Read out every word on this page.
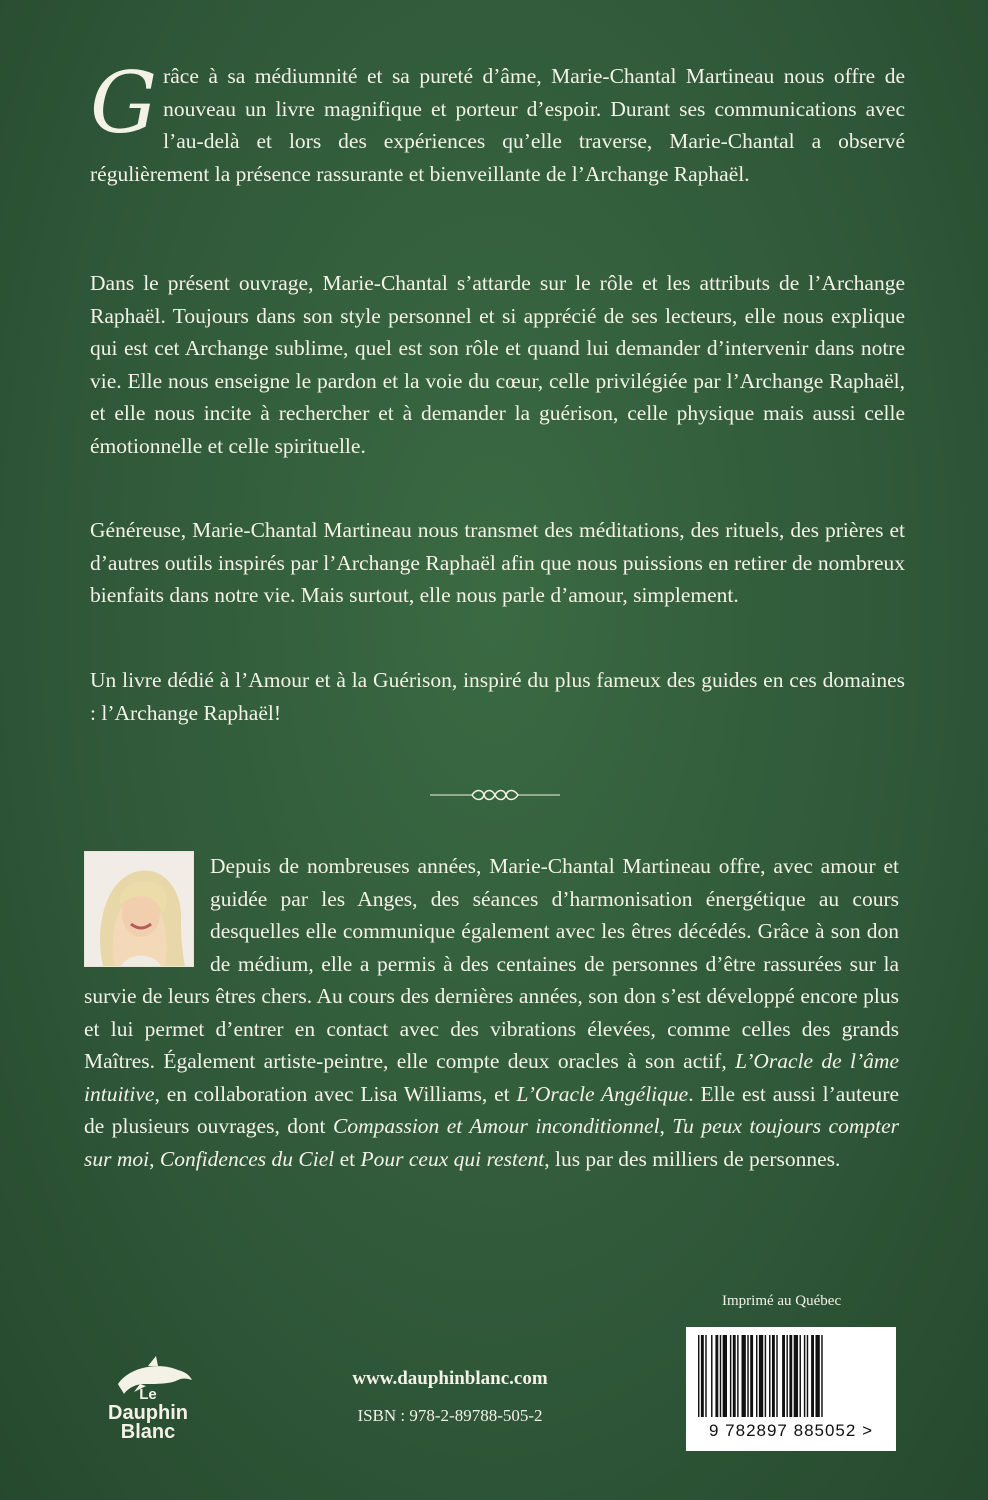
Grâce à sa médiumnité et sa pureté d’âme, Marie-Chantal Martineau nous offre de nouveau un livre magnifique et porteur d’espoir. Durant ses communications avec l’au-delà et lors des expériences qu’elle traverse, Marie-Chantal a observé régulièrement la présence rassurante et bienveillante de l’Archange Raphaël.

Dans le présent ouvrage, Marie-Chantal s’attarde sur le rôle et les attributs de l’Archange Raphaël. Toujours dans son style personnel et si apprécié de ses lecteurs, elle nous explique qui est cet Archange sublime, quel est son rôle et quand lui demander d’intervenir dans notre vie. Elle nous enseigne le pardon et la voie du cœur, celle privilégiée par l’Archange Raphaël, et elle nous incite à rechercher et à demander la guérison, celle physique mais aussi celle émotionnelle et celle spirituelle.

Généreuse, Marie-Chantal Martineau nous transmet des méditations, des rituels, des prières et d’autres outils inspirés par l’Archange Raphaël afin que nous puissions en retirer de nombreux bienfaits dans notre vie. Mais surtout, elle nous parle d’amour, simplement.

Un livre dédié à l’Amour et à la Guérison, inspiré du plus fameux des guides en ces domaines : l’Archange Raphaël!

Depuis de nombreuses années, Marie-Chantal Martineau offre, avec amour et guidée par les Anges, des séances d’harmonisation énergétique au cours desquelles elle communique également avec les êtres décédés. Grâce à son don de médium, elle a permis à des centaines de personnes d’être rassurées sur la survie de leurs êtres chers. Au cours des dernières années, son don s’est développé encore plus et lui permet d’entrer en contact avec des vibrations élevées, comme celles des grands Maîtres. Également artiste-peintre, elle compte deux oracles à son actif, L’Oracle de l’âme intuitive, en collaboration avec Lisa Williams, et L’Oracle Angélique. Elle est aussi l’auteure de plusieurs ouvrages, dont Compassion et Amour inconditionnel, Tu peux toujours compter sur moi, Confidences du Ciel et Pour ceux qui restent, lus par des milliers de personnes.

Imprimé au Québec
9 782897 885052 >
Le
Dauphin
Blanc
www.dauphinblanc.com
ISBN : 978-2-89788-505-2
